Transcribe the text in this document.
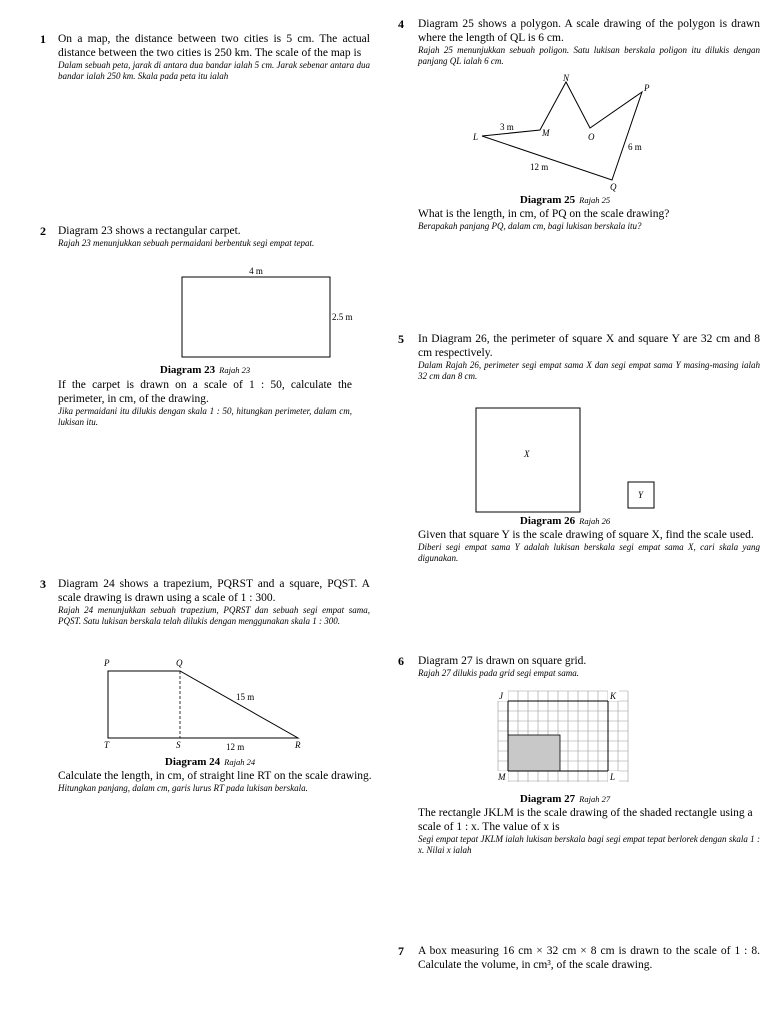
1 On a map, the distance between two cities is 5 cm. The actual distance between the two cities is 250 km. The scale of the map is
Dalam sebuah peta, jarak di antara dua bandar ialah 5 cm. Jarak sebenar antara dua bandar ialah 250 km. Skala pada peta itu ialah
2 Diagram 23 shows a rectangular carpet.
Rajah 23 menunjukkan sebuah permaidani berbentuk segi empat tepat.
4 m
2.5 m
Diagram 23 Rajah 23
If the carpet is drawn on a scale of 1 : 50, calculate the perimeter, in cm, of the drawing.
Jika permaidani itu dilukis dengan skala 1 : 50, hitungkan perimeter, dalam cm, lukisan itu.
3 Diagram 24 shows a trapezium, PQRST and a square, PQST. A scale drawing is drawn using a scale of 1 : 300.
Rajah 24 menunjukkan sebuah trapezium, PQRST dan sebuah segi empat sama, PQST. Satu lukisan berskala telah dilukis dengan menggunakan skala 1 : 300.
P	Q
15 m
T	S	12 m	R
Diagram 24 Rajah 24
Calculate the length, in cm, of straight line RT on the scale drawing.
Hitungkan panjang, dalam cm, garis lurus RT pada lukisan berskala.
4 Diagram 25 shows a polygon. A scale drawing of the polygon is drawn where the length of QL is 6 cm.
Rajah 25 menunjukkan sebuah poligon. Satu lukisan berskala poligon itu dilukis dengan panjang QL ialah 6 cm.
N
P
L
3 m
M	O
6 m
12 m
Q
Diagram 25 Rajah 25
What is the length, in cm, of PQ on the scale drawing?
Berapakah panjang PQ, dalam cm, bagi lukisan berskala itu?
5 In Diagram 26, the perimeter of square X and square Y are 32 cm and 8 cm respectively.
Dalam Rajah 26, perimeter segi empat sama X dan segi empat sama Y masing-masing ialah 32 cm dan 8 cm.
X
Y
Diagram 26 Rajah 26
Given that square Y is the scale drawing of square X, find the scale used.
Diberi segi empat sama Y adalah lukisan berskala segi empat sama X, cari skala yang digunakan.
6 Diagram 27 is drawn on square grid.
Rajah 27 dilukis pada grid segi empat sama.
J	K
M	L
Diagram 27 Rajah 27
The rectangle JKLM is the scale drawing of the shaded rectangle using a scale of 1 : x. The value of x is
Segi empat tepat JKLM ialah lukisan berskala bagi segi empat tepat berlorek dengan skala 1 : x. Nilai x ialah
7 A box measuring 16 cm × 32 cm × 8 cm is drawn to the scale of 1 : 8. Calculate the volume, in cm³, of the scale drawing.
